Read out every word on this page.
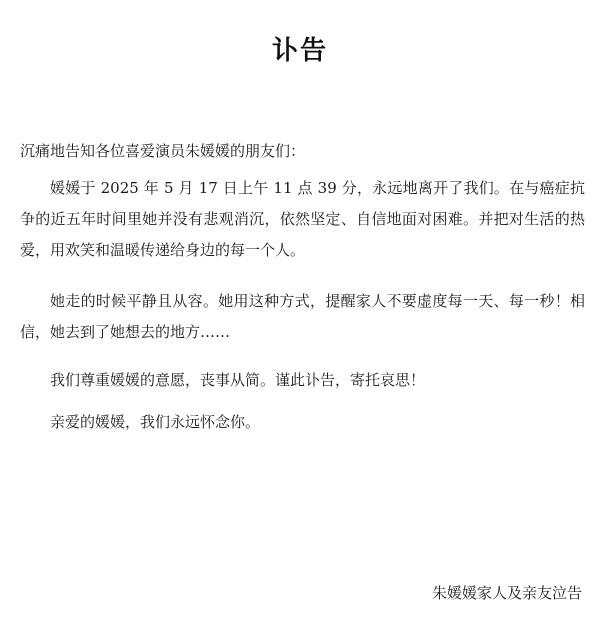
讣告
沉痛地告知各位喜爱演员朱媛媛的朋友们：
媛媛于 2025 年 5 月 17 日上午 11 点 39 分，永远地离开了我们。在与癌症抗争的近五年时间里她并没有悲观消沉，依然坚定、自信地面对困难。并把对生活的热爱，用欢笑和温暖传递给身边的每一个人。
她走的时候平静且从容。她用这种方式，提醒家人不要虚度每一天、每一秒！相信，她去到了她想去的地方……
我们尊重媛媛的意愿，丧事从简。谨此讣告，寄托哀思！
亲爱的媛媛，我们永远怀念你。
朱媛媛家人及亲友泣告
